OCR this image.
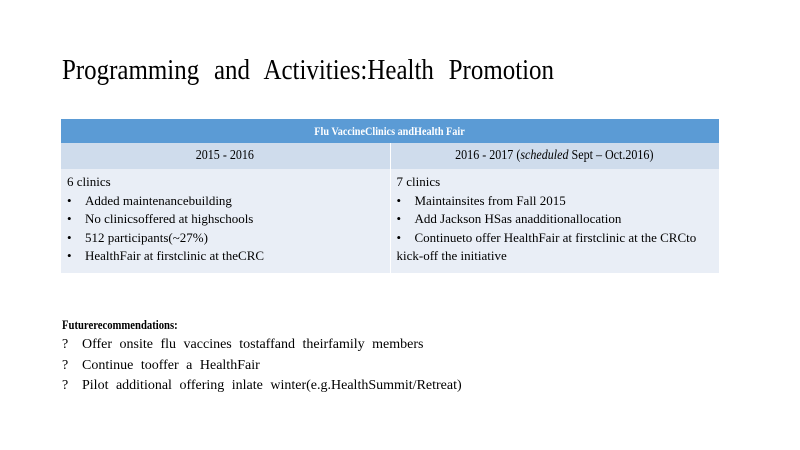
Programming and Activities:Health Promotion
Flu VaccineClinics andHealth Fair
2015 - 2016	2016 - 2017 (scheduled Sept – Oct.2016)
6 clinics
• Added maintenancebuilding
• No clinicsoffered at highschools
• 512 participants(~27%)
• HealthFair at firstclinic at theCRC
7 clinics
• Maintainsites from Fall 2015
• Add Jackson HSas anadditionallocation
• Continueto offer HealthFair at firstclinic at the CRCto
kick-off the initiative
Futurerecommendations:
? Offer onsite flu vaccines tostaffand theirfamily members
? Continue tooffer a HealthFair
? Pilot additional offering inlate winter(e.g.HealthSummit/Retreat)
